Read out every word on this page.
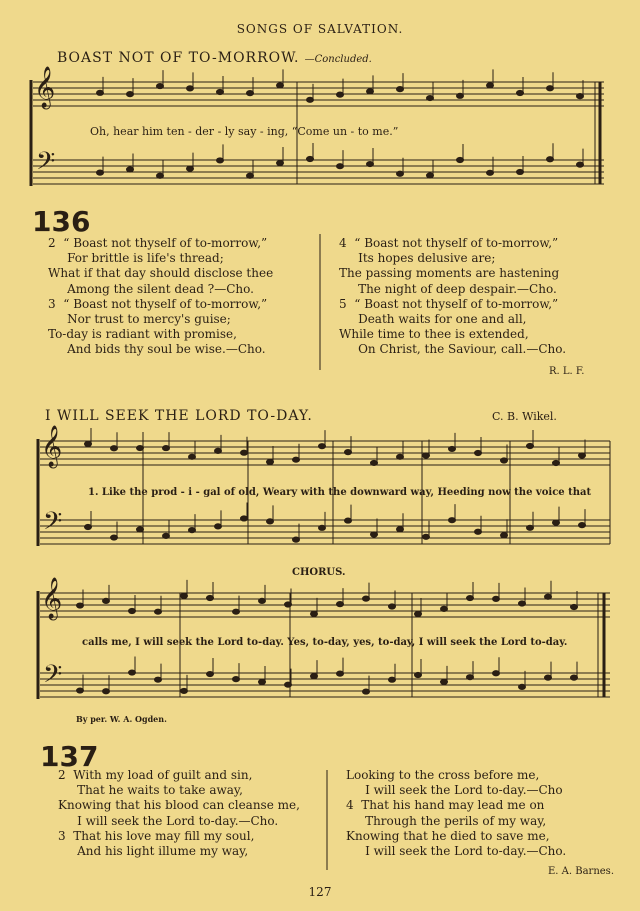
SONGS OF SALVATION.
BOAST NOT OF TO-MORROW. —Concluded.
𝄞
𝄢
𝄞
𝄢
𝄞
𝄢
Oh, hear him ten - der - ly say - ing, “Come un - to me.”
136
2  “ Boast not thyself of to-morrow,”
For brittle is life's thread;
What if that day should disclose thee
Among the silent dead ?—Cho.
3  “ Boast not thyself of to-morrow,”
Nor trust to mercy's guise;
To-day is radiant with promise,
And bids thy soul be wise.—Cho.
4  “ Boast not thyself of to-morrow,”
Its hopes delusive are;
The passing moments are hastening
The night of deep despair.—Cho.
5  “ Boast not thyself of to-morrow,”
Death waits for one and all,
While time to thee is extended,
On Christ, the Saviour, call.—Cho.
R. L. F.
I WILL SEEK THE LORD TO-DAY.	C. B. Wikel.
1. Like the prod - i - gal of old, Weary with the downward way, Heeding now the voice that
CHORUS.
calls me, I will seek the Lord to-day. Yes, to-day, yes, to-day, I will seek the Lord to-day.
By per. W. A. Ogden.
137
2  With my load of guilt and sin,
That he waits to take away,
Knowing that his blood can cleanse me,
I will seek the Lord to-day.—Cho.
3  That his love may fill my soul,
And his light illume my way,
Looking to the cross before me,
I will seek the Lord to-day.—Cho
4  That his hand may lead me on
Through the perils of my way,
Knowing that he died to save me,
I will seek the Lord to-day.—Cho.
E. A. Barnes.
127
